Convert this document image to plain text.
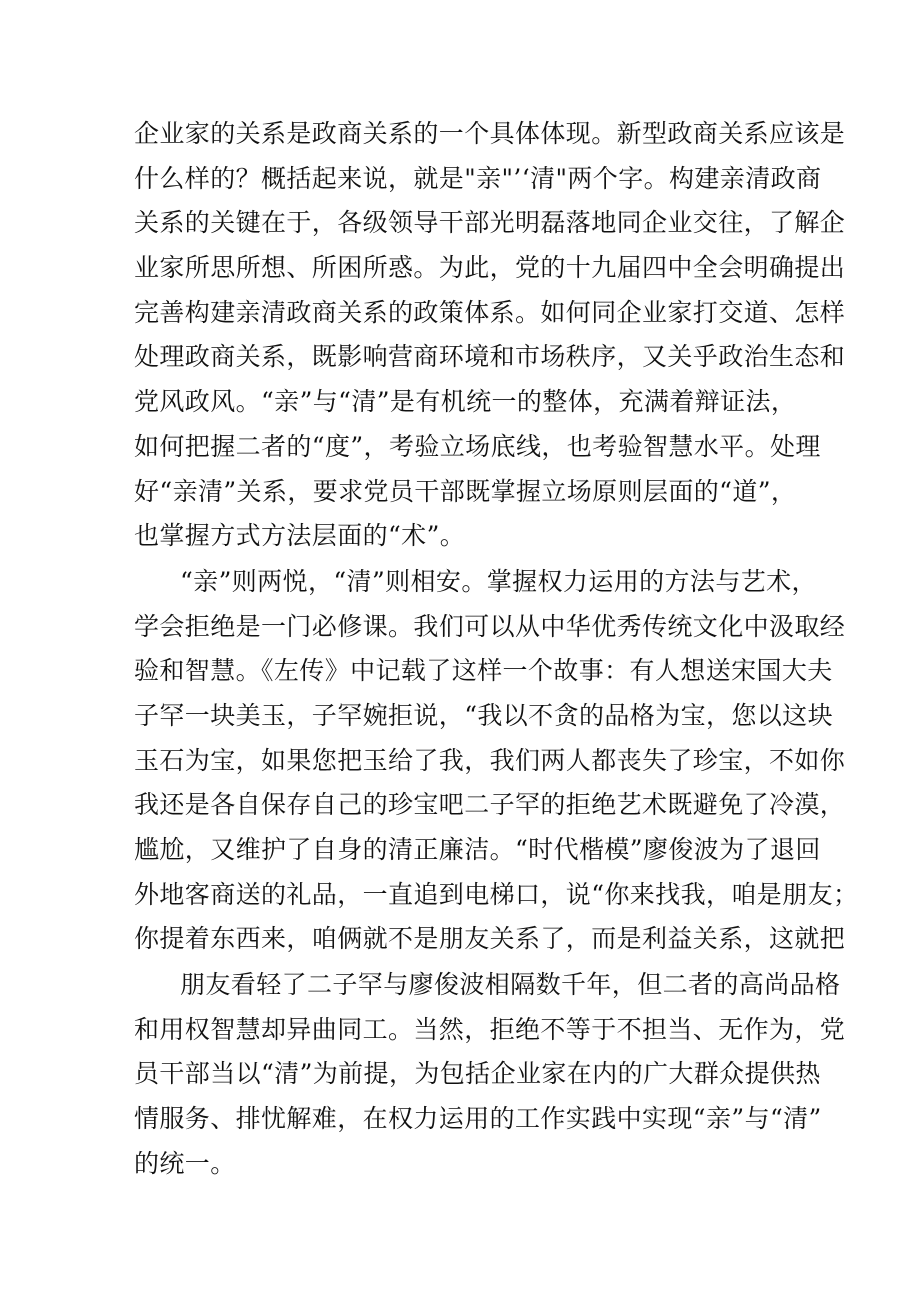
企业家的关系是政商关系的一个具体体现。新型政商关系应该是
什么样的？概括起来说，就是"亲"’‘清"两个字。构建亲清政商
关系的关键在于，各级领导干部光明磊落地同企业交往，了解企
业家所思所想、所困所惑。为此，党的十九届四中全会明确提出
完善构建亲清政商关系的政策体系。如何同企业家打交道、怎样
处理政商关系，既影响营商环境和市场秩序，又关乎政治生态和
党风政风。“亲”与“清”是有机统一的整体，充满着辩证法，
如何把握二者的“度”，考验立场底线，也考验智慧水平。处理
好“亲清”关系，要求党员干部既掌握立场原则层面的“道”，
也掌握方式方法层面的“术”。
“亲”则两悦，“清”则相安。掌握权力运用的方法与艺术，
学会拒绝是一门必修课。我们可以从中华优秀传统文化中汲取经
验和智慧。《左传》中记载了这样一个故事：有人想送宋国大夫
子罕一块美玉，子罕婉拒说，“我以不贪的品格为宝，您以这块
玉石为宝，如果您把玉给了我，我们两人都丧失了珍宝，不如你
我还是各自保存自己的珍宝吧二子罕的拒绝艺术既避免了冷漠，
尴尬，又维护了自身的清正廉洁。“时代楷模”廖俊波为了退回
外地客商送的礼品，一直追到电梯口，说“你来找我，咱是朋友；
你提着东西来，咱俩就不是朋友关系了，而是利益关系，这就把
朋友看轻了二子罕与廖俊波相隔数千年，但二者的高尚品格
和用权智慧却异曲同工。当然，拒绝不等于不担当、无作为，党
员干部当以“清”为前提，为包括企业家在内的广大群众提供热
情服务、排忧解难，在权力运用的工作实践中实现“亲”与“清”
的统一。
